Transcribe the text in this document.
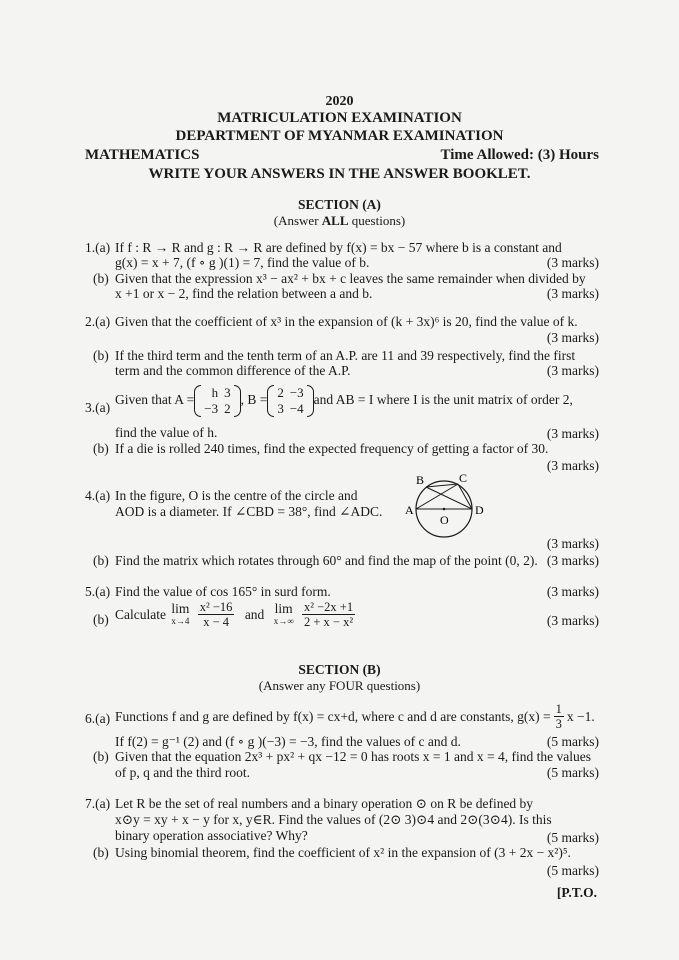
2020
MATRICULATION EXAMINATION
DEPARTMENT OF MYANMAR EXAMINATION
MATHEMATICS	Time Allowed: (3) Hours
WRITE YOUR ANSWERS IN THE ANSWER BOOKLET.
SECTION (A)
(Answer ALL questions)
1.(a) If f : R → R and g : R → R are defined by f(x) = bx − 57 where b is a constant and
g(x) = x + 7, (f ∘ g )(1) = 7, find the value of b.	(3 marks)
(b) Given that the expression x³ − ax² + bx + c leaves the same remainder when divided by
x +1 or x − 2, find the relation between a and b.	(3 marks)
2.(a) Given that the coefficient of x³ in the expansion of (k + 3x)⁶ is 20, find the value of k.
(3 marks)
(b) If the third term and the tenth term of an A.P. are 11 and 39 respectively, find the first
term and the common difference of the A.P.	(3 marks)
3.(a)
Given that A = h	3
−3	2
, B = 2	−3
3	−4
and AB = I where I is the unit matrix of order 2,
find the value of h.	(3 marks)
(b) If a die is rolled 240 times, find the expected frequency of getting a factor of 30.
(3 marks)
4.(a) In the figure, O is the centre of the circle and
AOD is a diameter. If ∠CBD = 38°, find ∠ADC. A
B	C
D
O
(3 marks)
(b) Find the matrix which rotates through 60° and find the map of the point (0, 2). (3 marks)
5.(a) Find the value of cos 165° in surd form.	(3 marks)
(b) Calculate lim
x→4
$\frac{\text{x² −16}}{x - 4}$ and lim
x→∞
$\frac{\text{x² −2x +1}}{\text{2 + x − x²}}$	(3 marks)
SECTION (B)
(Answer any FOUR questions)
6.(a) Functions f and g are defined by f(x) = cx+d, where c and d are constants, $g(x) = \frac{1}{3}$ x −1.
If f(2) = g⁻¹ (2) and (f ∘ g )(−3) = −3, find the values of c and d.	(5 marks)
(b) Given that the equation 2x³ + px² + qx −12 = 0 has roots x = 1 and x = 4, find the values
of p, q and the third root.	(5 marks)
7.(a) Let R be the set of real numbers and a binary operation ⊙ on R be defined by
x⊙y = xy + x − y for x, y∈R. Find the values of (2⊙ 3)⊙4 and 2⊙(3⊙4). Is this
binary operation associative? Why?	(5 marks)
(b) Using binomial theorem, find the coefficient of x² in the expansion of (3 + 2x − x²)⁵.
(5 marks)
[P.T.O.
